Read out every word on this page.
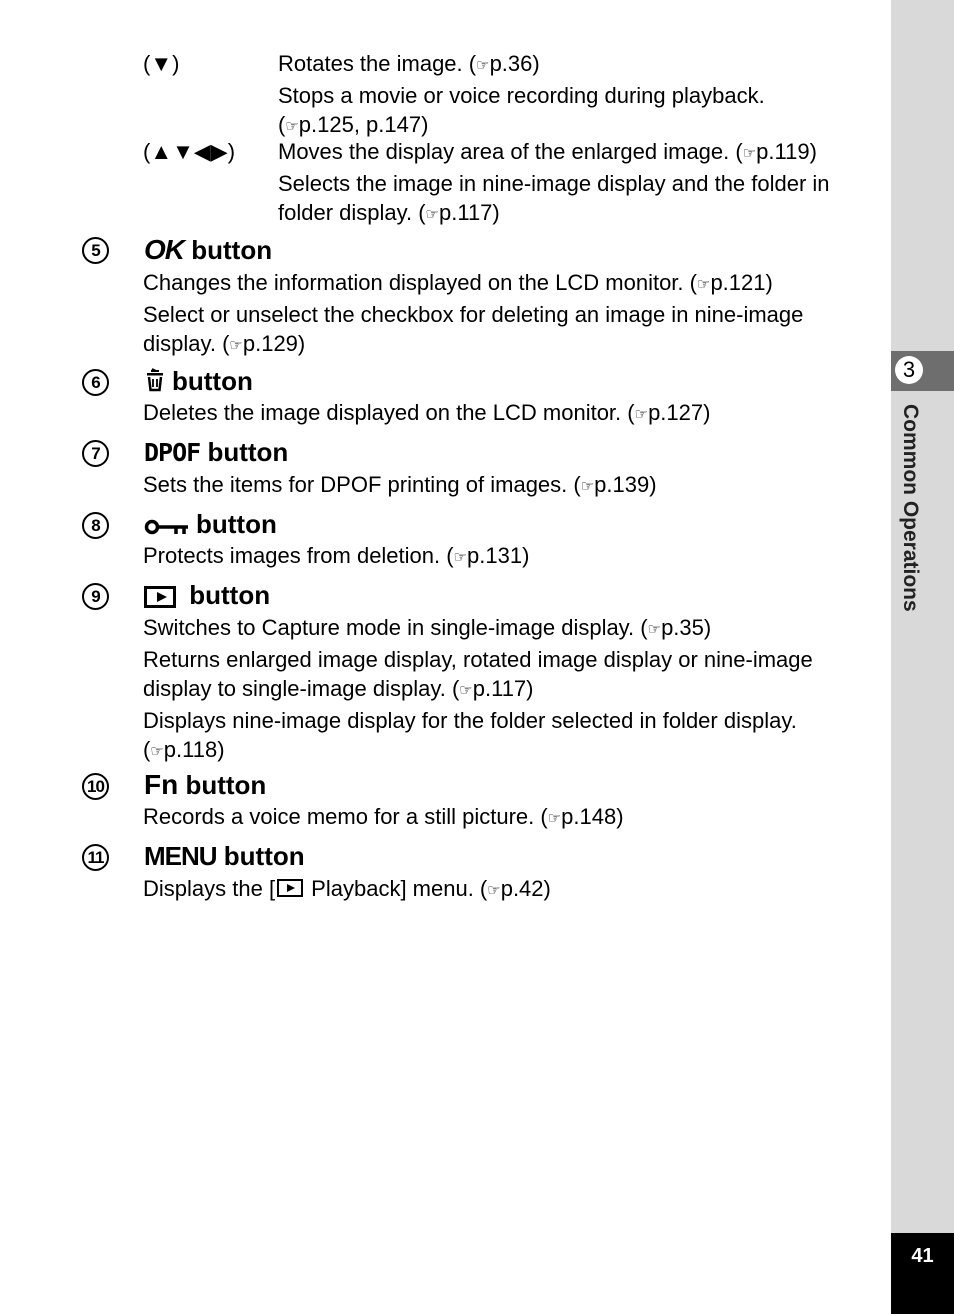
3
Common Operations
41
(▼)	Rotates the image. (☞p.36)
Stops a movie or voice recording during playback.
(☞p.125, p.147)
(▲▼◀▶) Moves the display area of the enlarged image. (☞p.119)
Selects the image in nine-image display and the folder in
folder display. (☞p.117)
5	OK button
Changes the information displayed on the LCD monitor. (☞p.121)
Select or unselect the checkbox for deleting an image in nine-image
display. (☞p.129)
6	button
Deletes the image displayed on the LCD monitor. (☞p.127)
7	DPOF button
Sets the items for DPOF printing of images. (☞p.139)
8	button
Protects images from deletion. (☞p.131)
9	button
Switches to Capture mode in single-image display. (☞p.35)
Returns enlarged image display, rotated image display or nine-image
display to single-image display. (☞p.117)
Displays nine-image display for the folder selected in folder display.
(☞p.118)
10 Fn button
Records a voice memo for a still picture. (☞p.148)
11 MENU button
Displays the [ Playback] menu. (☞p.42)
